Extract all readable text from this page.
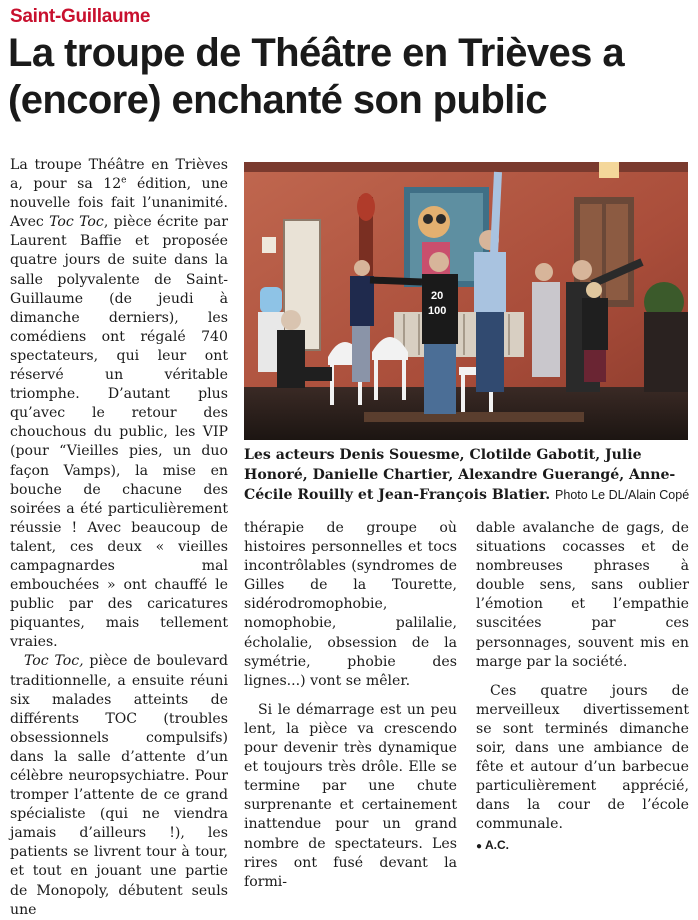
Saint-Guillaume
La troupe de Théâtre en Trièves a (encore) enchanté son public

La troupe Théâtre en Trièves a, pour sa 12e édition, une nouvelle fois fait l’unanimité. Avec Toc Toc, pièce écrite par Laurent Baffie et proposée quatre jours de suite dans la salle polyvalente de Saint-Guillaume (de jeudi à dimanche derniers), les comédiens ont régalé 740 spectateurs, qui leur ont réservé un véritable triomphe. D’autant plus qu’avec le retour des chouchous du public, les VIP (pour “Vieilles pies, un duo façon Vamps), la mise en bouche de chacune des soirées a été particulièrement réussie ! Avec beaucoup de talent, ces deux « vieilles campagnardes mal embouchées » ont chauffé le public par des caricatures piquantes, mais tellement vraies.

Toc Toc, pièce de boulevard traditionnelle, a ensuite réuni six malades atteints de différents TOC (troubles obsessionnels compulsifs) dans la salle d’attente d’un célèbre neuropsychiatre. Pour tromper l’attente de ce grand spécialiste (qui ne viendra jamais d’ailleurs !), les patients se livrent tour à tour, et tout en jouant une partie de Monopoly, débutent seuls une

20
100
Les acteurs Denis Souesme, Clotilde Gabotit, Julie Honoré, Danielle Chartier, Alexandre Guerangé, Anne-Cécile Rouilly et Jean-François Blatier. Photo Le DL/Alain Copé

thérapie de groupe où histoires personnelles et tocs incontrôlables (syndromes de Gilles de la Tourette, sidérodromophobie, nomophobie, palilalie, écholalie, obsession de la symétrie, phobie des lignes...) vont se mêler.

Si le démarrage est un peu lent, la pièce va crescendo pour devenir très dynamique et toujours très drôle. Elle se termine par une chute surprenante et certainement inattendue pour un grand nombre de spectateurs. Les rires ont fusé devant la formi-

dable avalanche de gags, de situations cocasses et de nombreuses phrases à double sens, sans oublier l’émotion et l’empathie suscitées par ces personnages, souvent mis en marge par la société.

Ces quatre jours de merveilleux divertissement se sont terminés dimanche soir, dans une ambiance de fête et autour d’un barbecue particulièrement apprécié, dans la cour de l’école communale.

● A.C.
